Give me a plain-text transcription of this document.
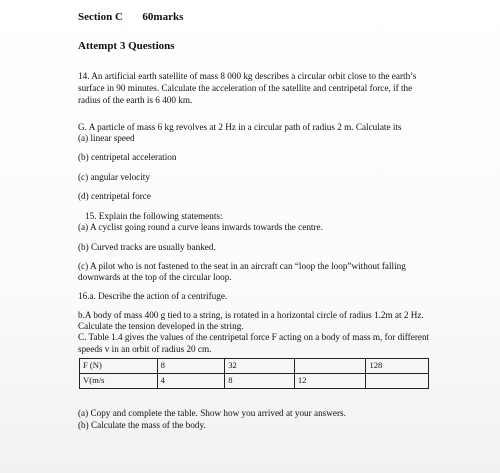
Section C 60marks
Attempt 3 Questions
14. An artificial earth satellite of mass 8 000 kg describes a circular orbit close to the earth’s
surface in 90 minutes. Calculate the acceleration of the satellite and centripetal force, if the
radius of the earth is 6 400 km.
G. A particle of mass 6 kg revolves at 2 Hz in a circular path of radius 2 m. Calculate its
(a) linear speed
(b) centripetal acceleration
(c) angular velocity
(d) centripetal force
15. Explain the following statements:
(a) A cyclist going round a curve leans inwards towards the centre.
(b) Curved tracks are usually banked.
(c) A pilot who is not fastened to the seat in an aircraft can “loop the loop”without falling
downwards at the top of the circular loop.
16.a. Describe the action of a centrifuge.
b.A body of mass 400 g tied to a string, is rotated in a horizontal circle of radius 1.2m at 2 Hz.
Calculate the tension developed in the string.
C. Table 1.4 gives the values of the centripetal force F acting on a body of mass m, for different
speeds v in an orbit of radius 20 cm.
F (N)	8	32		128
V(m/s	4	8	12	
(a) Copy and complete the table. Show how you arrived at your answers.
(b) Calculate the mass of the body.
